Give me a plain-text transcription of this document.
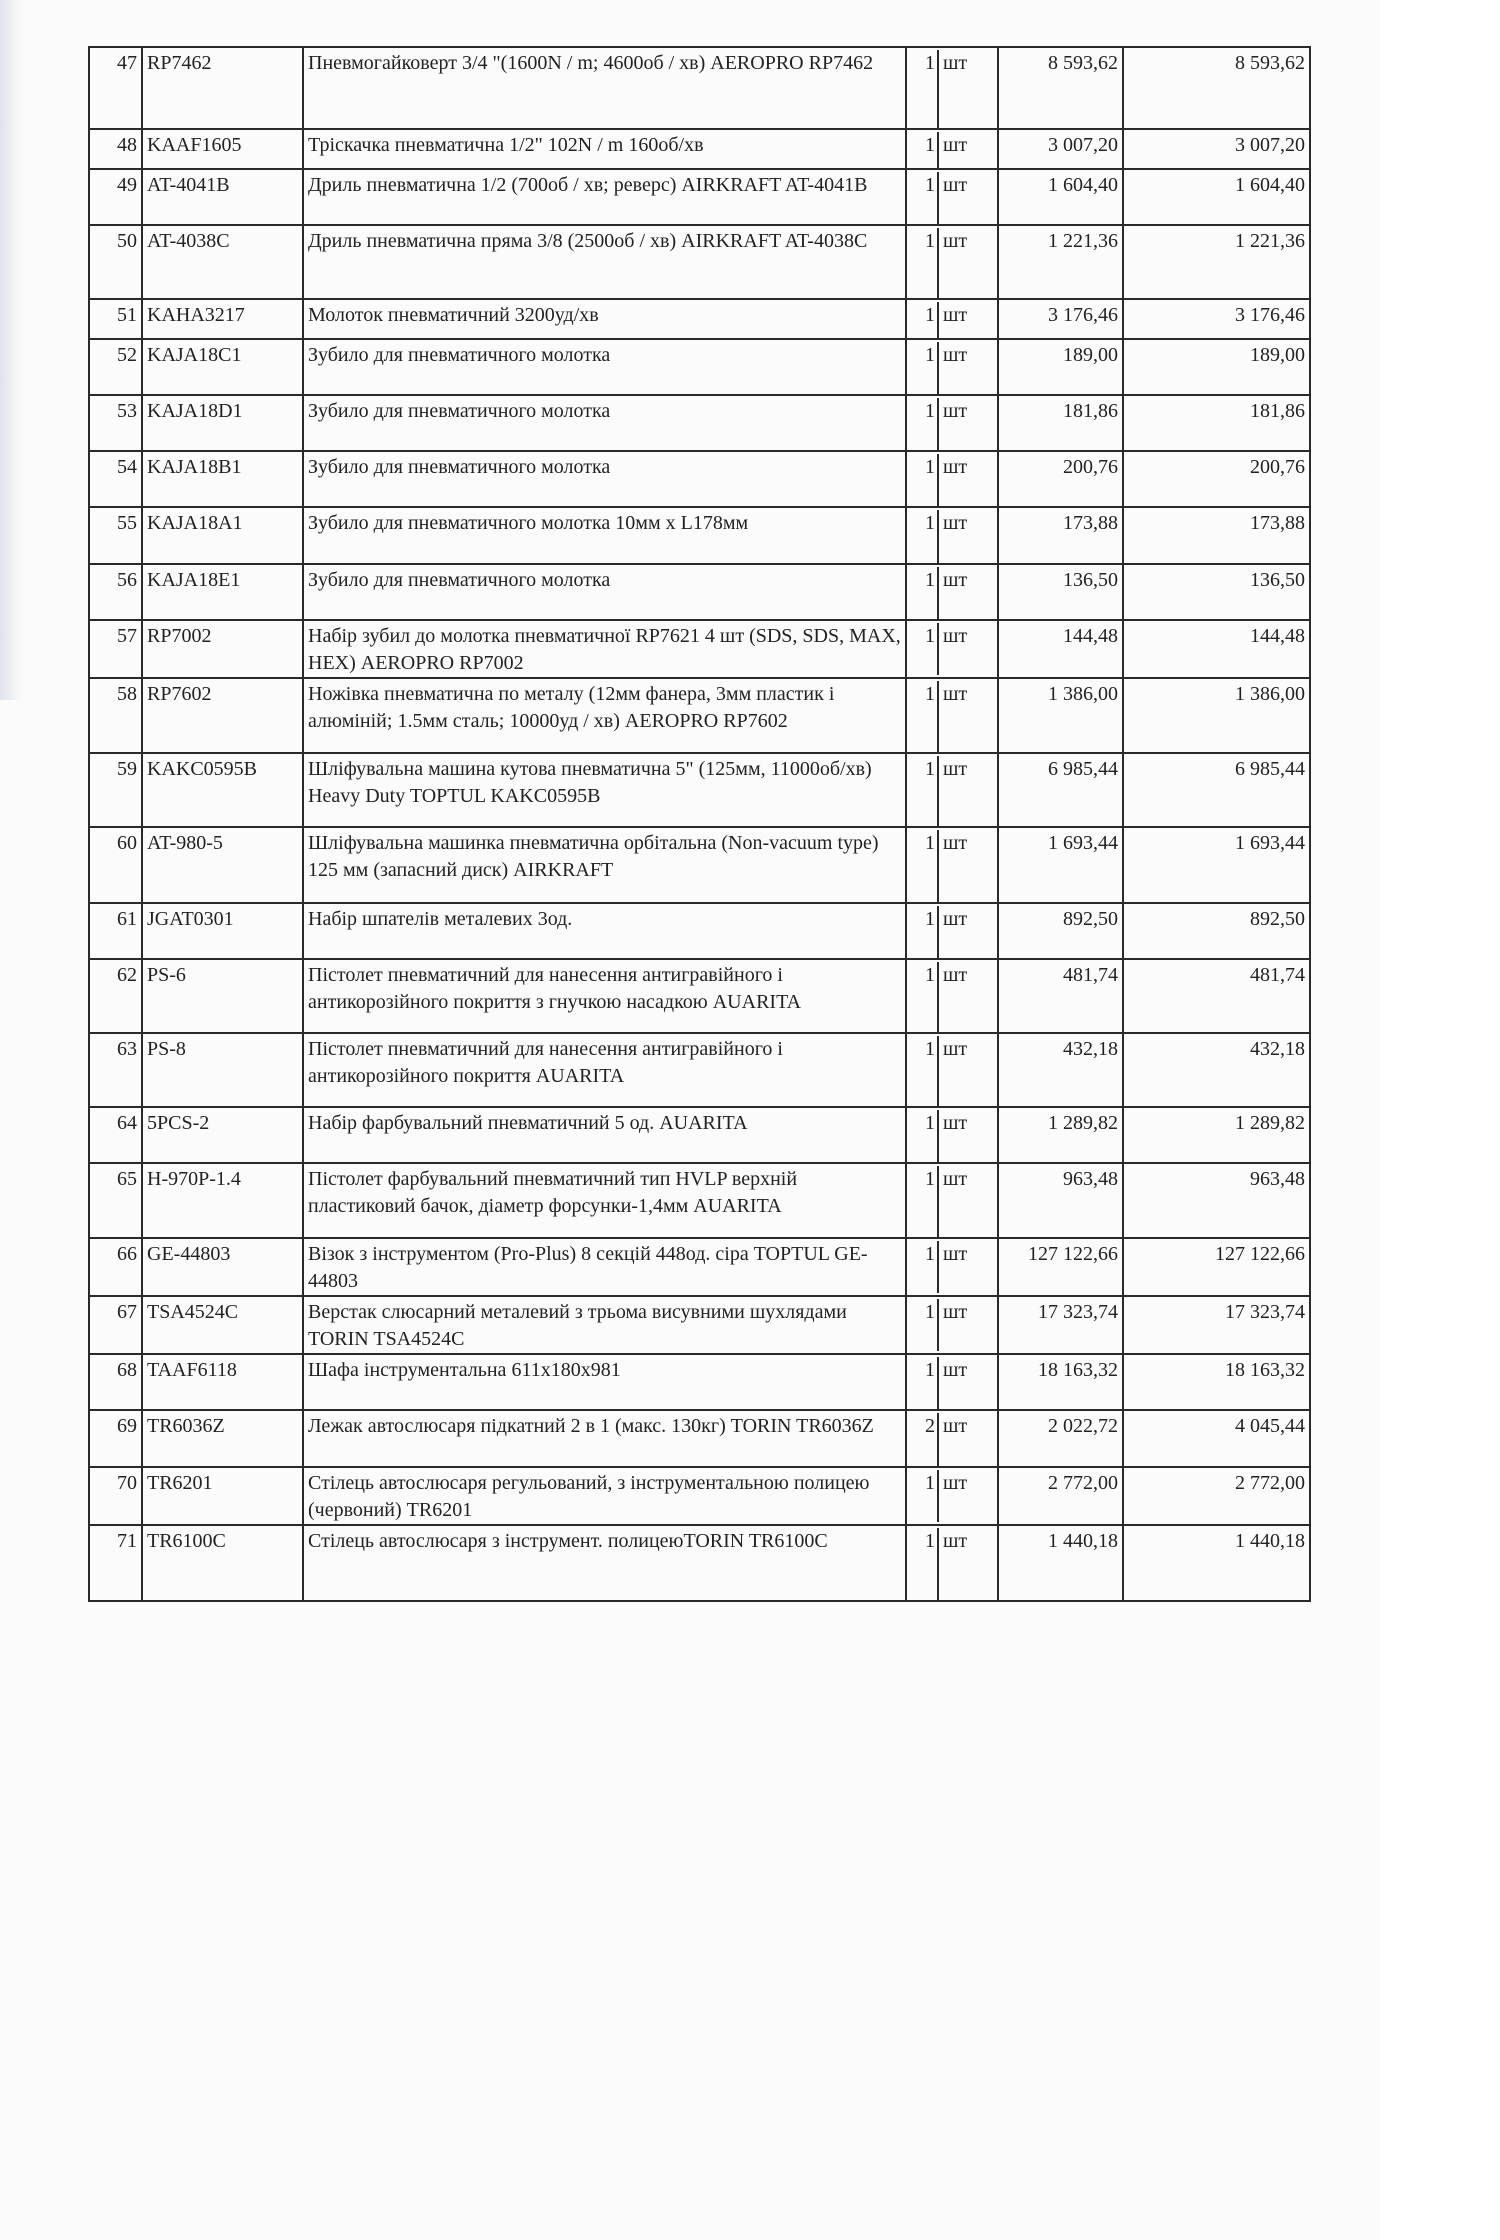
47	RP7462	Пневмогайковерт 3/4 "(1600N / m; 4600об / хв) AEROPRO RP7462	1 шт	8 593,62	8 593,62
48	KAAF1605	Тріскачка пневматична 1/2" 102N / m 160об/хв	1 шт	3 007,20	3 007,20
49	AT-4041B	Дриль пневматична 1/2 (700об / хв; реверс) AIRKRAFT AT-4041B	1 шт	1 604,40	1 604,40
50	AT-4038C	Дриль пневматична пряма 3/8 (2500об / хв) AIRKRAFT AT-4038C	1 шт	1 221,36	1 221,36
51	KAHA3217	Молоток пневматичний 3200уд/хв	1 шт	3 176,46	3 176,46
52	KAJA18C1	Зубило для пневматичного молотка	1 шт	189,00	189,00
53	KAJA18D1	Зубило для пневматичного молотка	1 шт	181,86	181,86
54	KAJA18B1	Зубило для пневматичного молотка	1 шт	200,76	200,76
55	KAJA18A1	Зубило для пневматичного молотка 10мм х L178мм	1 шт	173,88	173,88
56	KAJA18E1	Зубило для пневматичного молотка	1 шт	136,50	136,50
57	RP7002	Набір зубил до молотка пневматичної RP7621 4 шт (SDS, SDS, MAX, HEX) AEROPRO RP7002	1 шт	144,48	144,48
58	RP7602	Ножівка пневматична по металу (12мм фанера, 3мм пластик і алюміній; 1.5мм сталь; 10000уд / хв) AEROPRO RP7602	1 шт	1 386,00	1 386,00
59	KAKC0595B	Шліфувальна машина кутова пневматична 5" (125мм, 11000об/хв) Heavy Duty TOPTUL KAKC0595B	1 шт	6 985,44	6 985,44
60	AT-980-5	Шліфувальна машинка пневматична орбітальна (Non-vacuum type) 125 мм (запасний диск) AIRKRAFT	1 шт	1 693,44	1 693,44
61	JGAT0301	Набір шпателів металевих 3од.	1 шт	892,50	892,50
62	PS-6	Пістолет пневматичний для нанесення антигравійного і антикорозійного покриття з гнучкою насадкою AUARITA	1 шт	481,74	481,74
63	PS-8	Пістолет пневматичний для нанесення антигравійного і антикорозійного покриття AUARITA	1 шт	432,18	432,18
64	5PCS-2	Набір фарбувальний пневматичний 5 од. AUARITA	1 шт	1 289,82	1 289,82
65	H-970P-1.4	Пістолет фарбувальний пневматичний тип HVLP верхній пластиковий бачок, діаметр форсунки-1,4мм AUARITA	1 шт	963,48	963,48
66	GE-44803	Візок з інструментом (Pro-Plus) 8 секцій 448од. сіра TOPTUL GE-44803	1 шт	127 122,66	127 122,66
67	TSA4524C	Верстак слюсарний металевий з трьома висувними шухлядами TORIN TSA4524C	1 шт	17 323,74	17 323,74
68	TAAF6118	Шафа інструментальна 611x180x981	1 шт	18 163,32	18 163,32
69	TR6036Z	Лежак автослюсаря підкатний 2 в 1 (макс. 130кг) TORIN TR6036Z	2 шт	2 022,72	4 045,44
70	TR6201	Стілець автослюсаря регульований, з інструментальною полицею (червоний) TR6201	1 шт	2 772,00	2 772,00
71	TR6100C	Стілець автослюсаря з інструмент. полицеюTORIN TR6100C	1 шт	1 440,18	1 440,18
